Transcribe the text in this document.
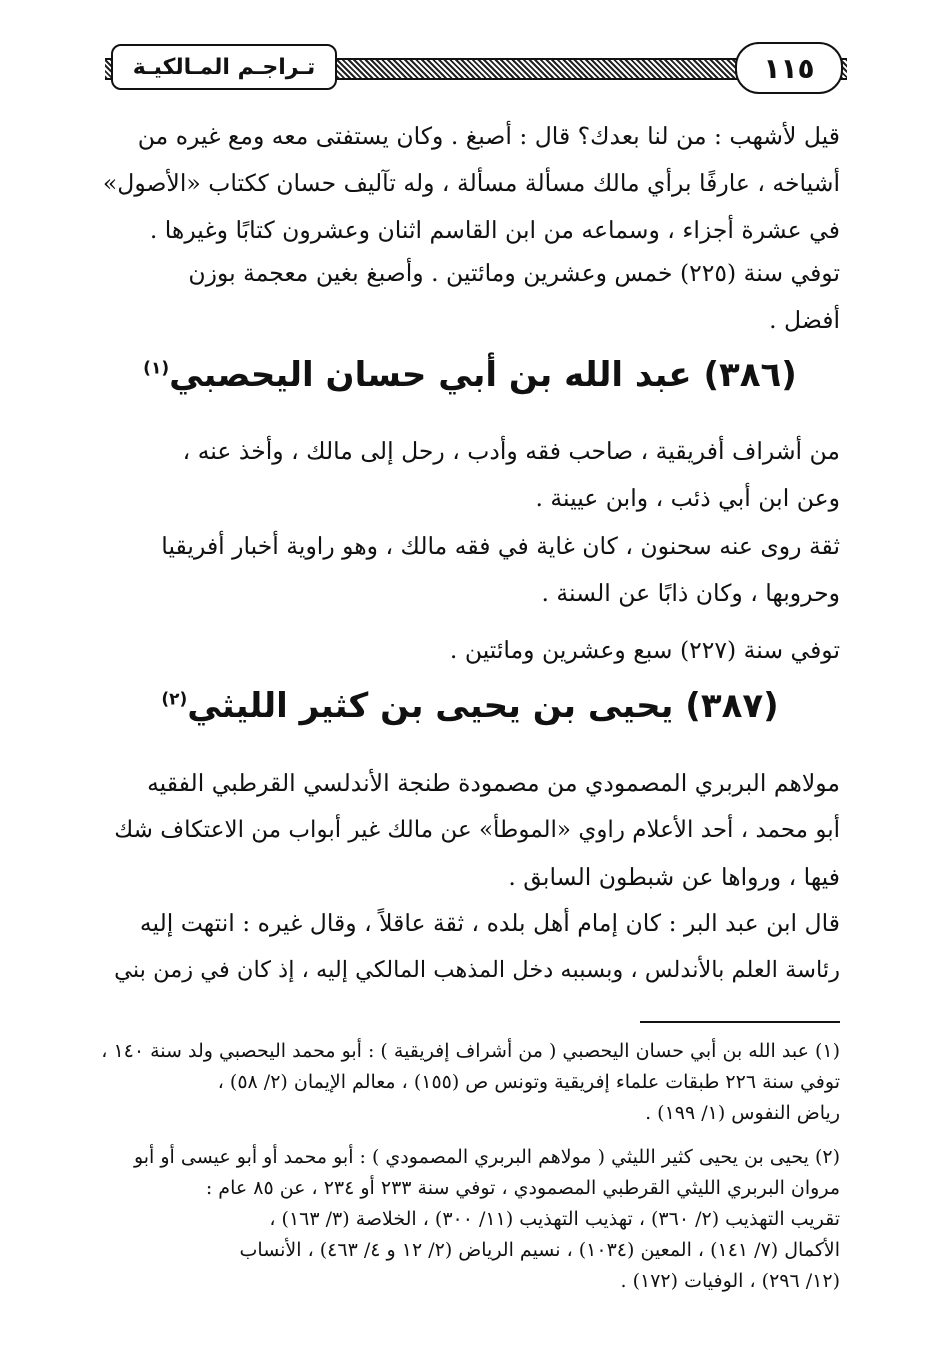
تـراجـم المـالكيـة	١١٥

قيل لأشهب : من لنا بعدك؟ قال : أصبغ . وكان يستفتى معه ومع غيره من
أشياخه ، عارفًا برأي مالك مسألة مسألة ، وله تآليف حسان ككتاب «الأصول»
في عشرة أجزاء ، وسماعه من ابن القاسم اثنان وعشرون كتابًا وغيرها .

توفي سنة (٢٢٥) خمس وعشرين ومائتين . وأصبغ بغين معجمة بوزن
أفضل .

(٣٨٦) عبد الله بن أبي حسان اليحصبي$^{(١)}$

من أشراف أفريقية ، صاحب فقه وأدب ، رحل إلى مالك ، وأخذ عنه ،
وعن ابن أبي ذئب ، وابن عيينة .

ثقة روى عنه سحنون ، كان غاية في فقه مالك ، وهو راوية أخبار أفريقيا
وحروبها ، وكان ذابًا عن السنة .

توفي سنة (٢٢٧) سبع وعشرين ومائتين .

(٣٨٧) يحيى بن يحيى بن كثير الليثي$^{(٢)}$

مولاهم البربري المصمودي من مصمودة طنجة الأندلسي القرطبي الفقيه
أبو محمد ، أحد الأعلام راوي «الموطأ» عن مالك غير أبواب من الاعتكاف شك
فيها ، ورواها عن شبطون السابق .

قال ابن عبد البر : كان إمام أهل بلده ، ثقة عاقلاً ، وقال غيره : انتهت إليه
رئاسة العلم بالأندلس ، وبسببه دخل المذهب المالكي إليه ، إذ كان في زمن بني

(١) عبد الله بن أبي حسان اليحصبي ( من أشراف إفريقية ) : أبو محمد اليحصبي ولد سنة ١٤٠ ،
توفي سنة ٢٢٦ طبقات علماء إفريقية وتونس ص (١٥٥) ، معالم الإيمان (٢/ ٥٨) ،
رياض النفوس (١/ ١٩٩) .

(٢) يحيى بن يحيى كثير الليثي ( مولاهم البربري المصمودي ) : أبو محمد أو أبو عيسى أو أبو
مروان البربري الليثي القرطبي المصمودي ، توفي سنة ٢٣٣ أو ٢٣٤ ، عن ٨٥ عام :
تقريب التهذيب (٢/ ٣٦٠) ، تهذيب التهذيب (١١/ ٣٠٠) ، الخلاصة (٣/ ١٦٣) ،
الأكمال (٧/ ١٤١) ، المعين (١٠٣٤) ، نسيم الرياض (٢/ ١٢ و ٤/ ٤٦٣) ، الأنساب
(١٢/ ٢٩٦) ، الوفيات (١٧٢) .
